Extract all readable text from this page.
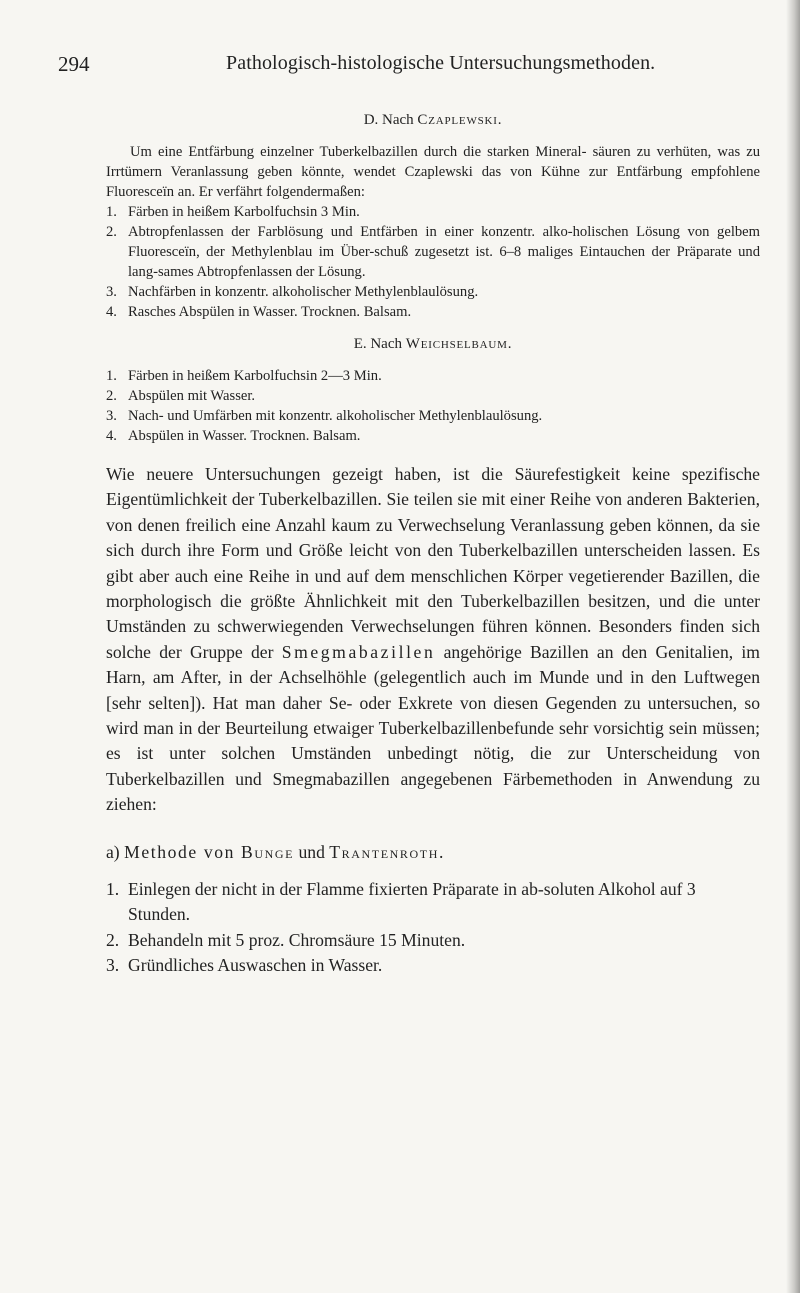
294	Pathologisch-histologische Untersuchungsmethoden.
D. Nach Czaplewski.

Um eine Entfärbung einzelner Tuberkelbazillen durch die starken Mineral- säuren zu verhüten, was zu Irrtümern Veranlassung geben könnte, wendet Czaplewski das von Kühne zur Entfärbung empfohlene Fluoresceïn an. Er verfährt folgendermaßen:

1. Färben in heißem Karbolfuchsin 3 Min.
2. Abtropfenlassen der Farblösung und Entfärben in einer konzentr. alko-holischen Lösung von gelbem Fluoresceïn, der Methylenblau im Über-schuß zugesetzt ist. 6–8 maliges Eintauchen der Präparate und lang-sames Abtropfenlassen der Lösung.
3. Nachfärben in konzentr. alkoholischer Methylenblaulösung.
4. Rasches Abspülen in Wasser. Trocknen. Balsam.
E. Nach Weichselbaum.
1. Färben in heißem Karbolfuchsin 2—3 Min.
2. Abspülen mit Wasser.
3. Nach- und Umfärben mit konzentr. alkoholischer Methylenblaulösung.
4. Abspülen in Wasser. Trocknen. Balsam.

Wie neuere Untersuchungen gezeigt haben, ist die Säurefestigkeit keine spezifische Eigentümlichkeit der Tuberkelbazillen. Sie teilen sie mit einer Reihe von anderen Bakterien, von denen freilich eine Anzahl kaum zu Verwechselung Veranlassung geben können, da sie sich durch ihre Form und Größe leicht von den Tuberkelbazillen unterscheiden lassen. Es gibt aber auch eine Reihe in und auf dem menschlichen Körper vegetierender Bazillen, die morphologisch die größte Ähnlichkeit mit den Tuberkelbazillen besitzen, und die unter Umständen zu schwerwiegenden Verwechselungen führen können. Besonders finden sich solche der Gruppe der Smegmabazillen angehörige Bazillen an den Genitalien, im Harn, am After, in der Achselhöhle (gelegentlich auch im Munde und in den Luftwegen [sehr selten]). Hat man daher Se- oder Exkrete von diesen Gegenden zu untersuchen, so wird man in der Beurteilung etwaiger Tuberkelbazillenbefunde sehr vorsichtig sein müssen; es ist unter solchen Umständen unbedingt nötig, die zur Unterscheidung von Tuberkelbazillen und Smegmabazillen angegebenen Färbemethoden in Anwendung zu ziehen:

a) Methode von Bunge und Trantenroth.
1. Einlegen der nicht in der Flamme fixierten Präparate in ab-soluten Alkohol auf 3 Stunden.
2. Behandeln mit 5 proz. Chromsäure 15 Minuten.
3. Gründliches Auswaschen in Wasser.
